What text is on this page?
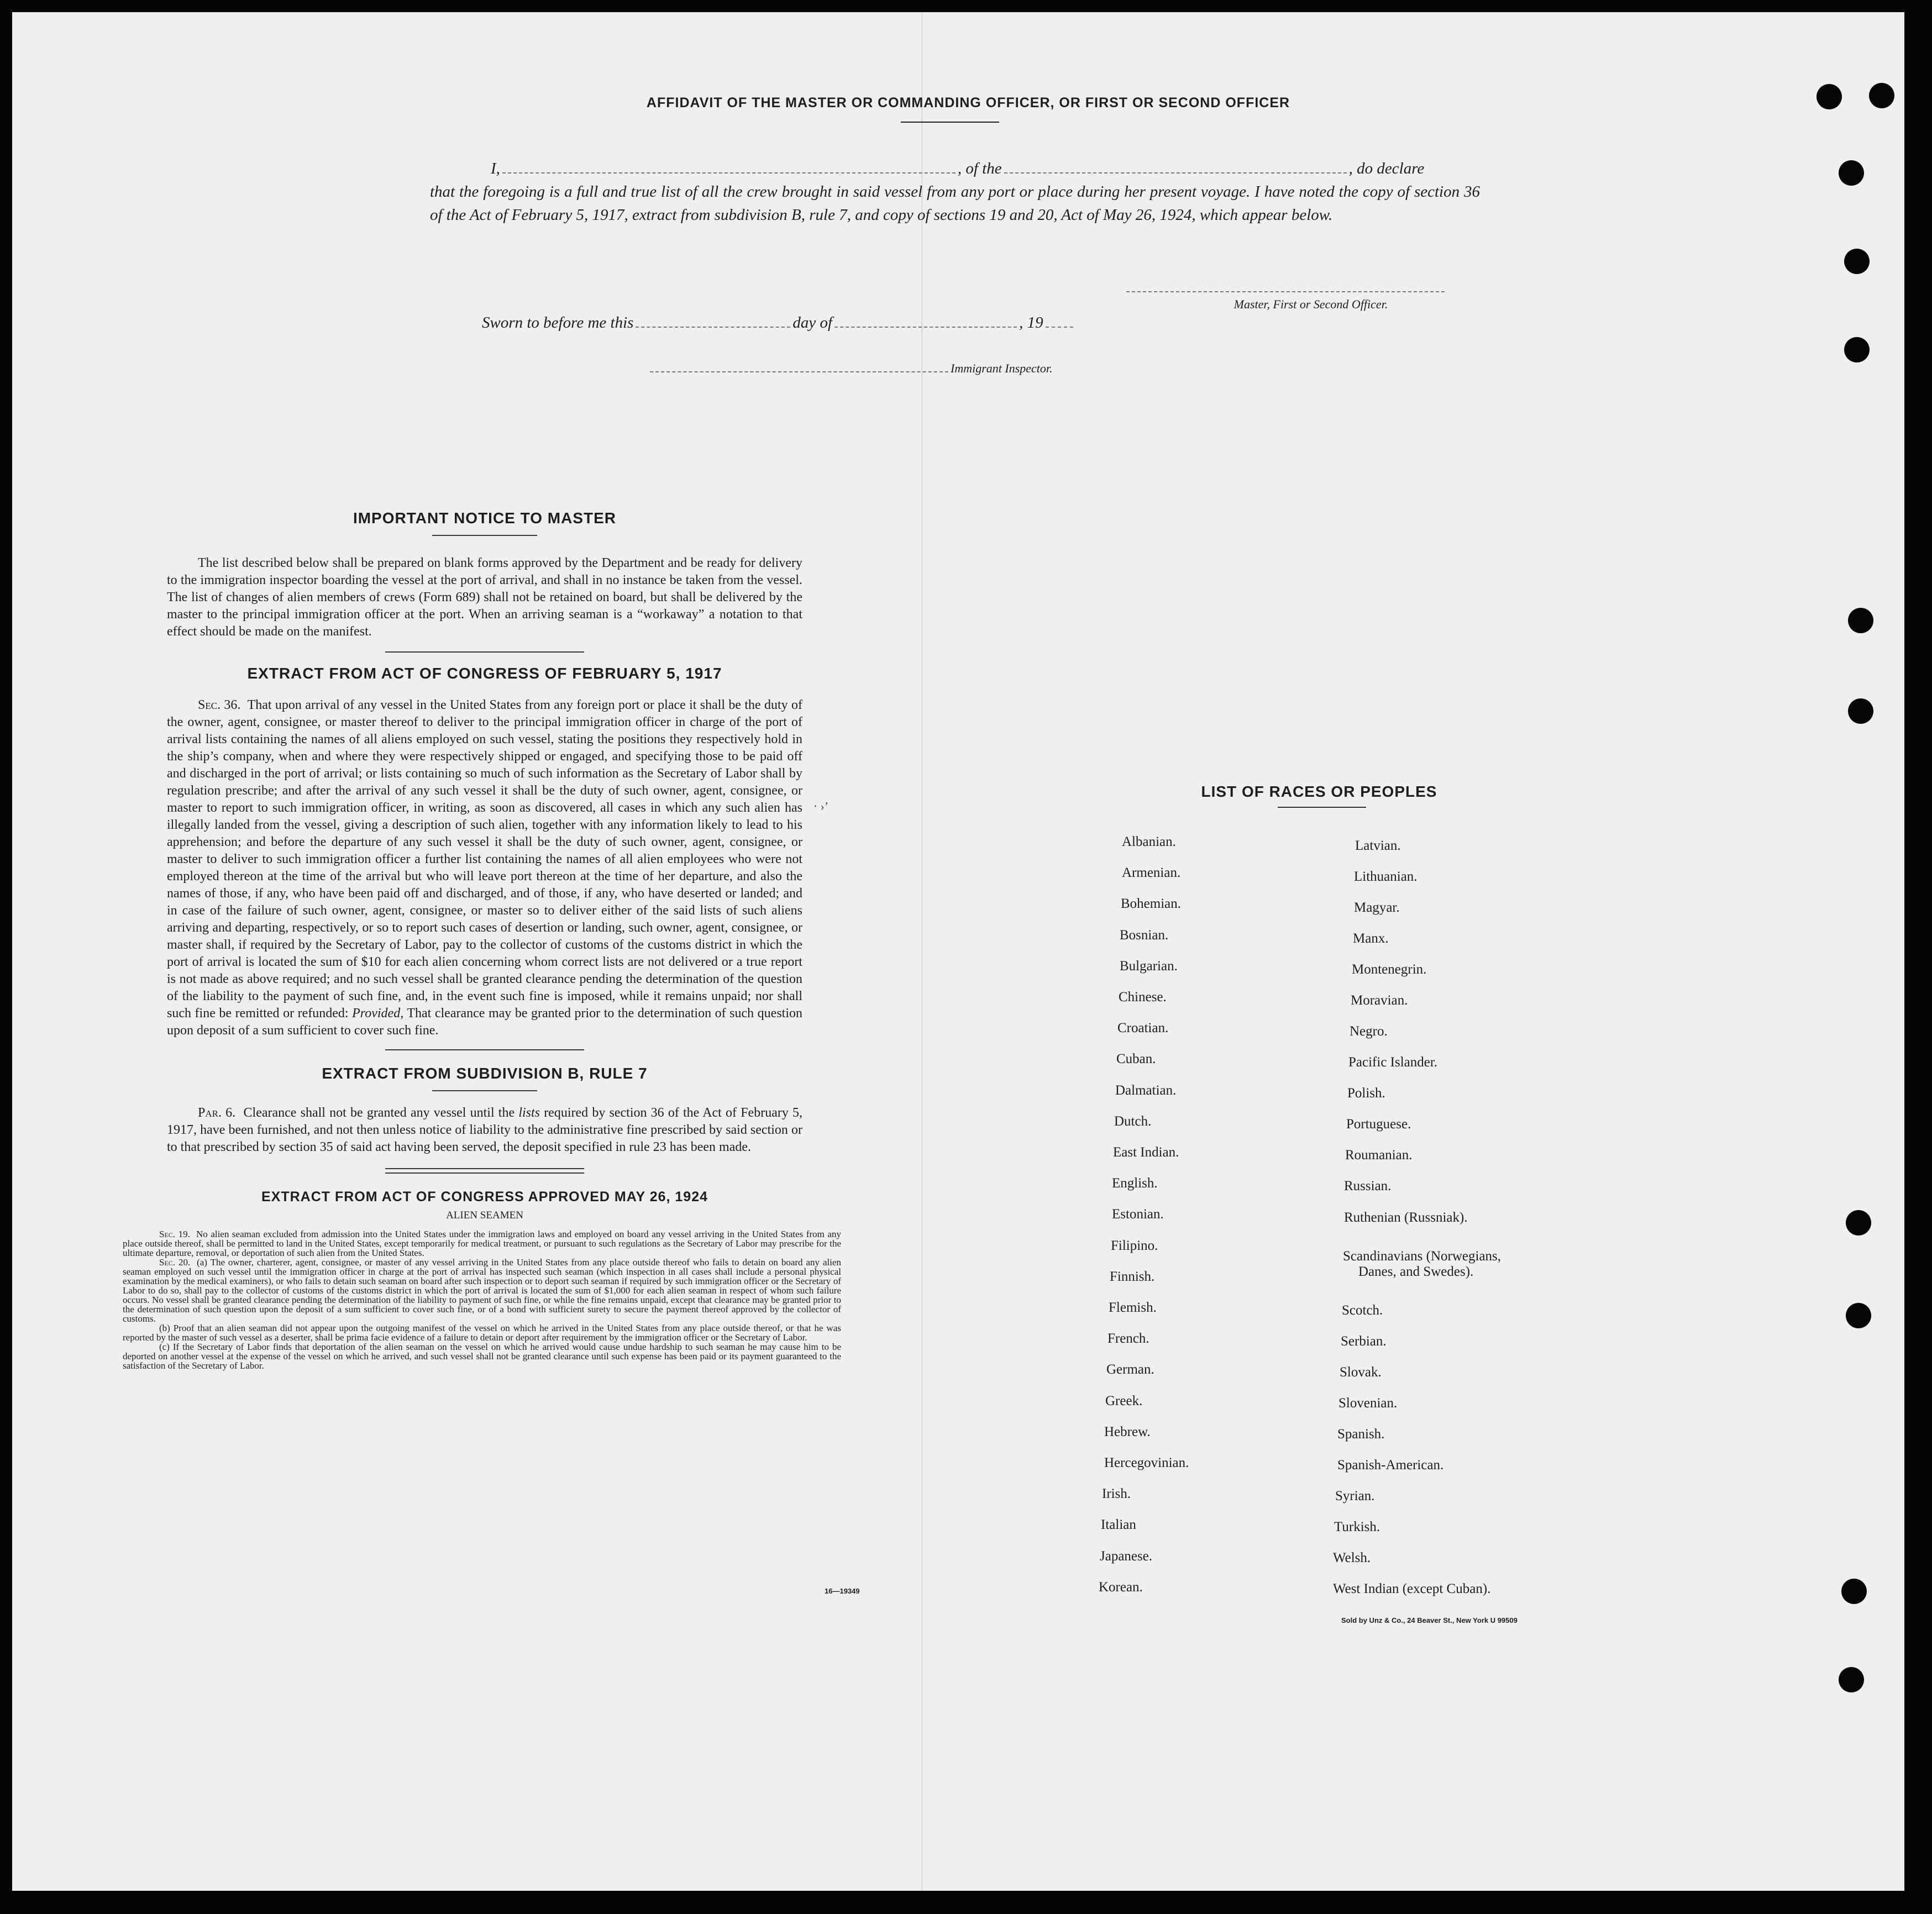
AFFIDAVIT OF THE MASTER OR COMMANDING OFFICER, OR FIRST OR SECOND OFFICER
I,	, of the	, do declare
that the foregoing is a full and true list of all the crew brought in said vessel from any port or place during her present voyage. I have noted the copy of section 36 of the Act of February 5, 1917, extract from subdivision B, rule 7, and copy of sections 19 and 20, Act of May 26, 1924, which appear below.
Master, First or Second Officer.
Sworn to before me this	day of	, 19
Immigrant Inspector.
‧ ›ʼ
IMPORTANT NOTICE TO MASTER

The list described below shall be prepared on blank forms approved by the Department and be ready for delivery to the immigration inspector boarding the vessel at the port of arrival, and shall in no instance be taken from the vessel. The list of changes of alien members of crews (Form 689) shall not be retained on board, but shall be delivered by the master to the principal immigration officer at the port. When an arriving seaman is a “workaway” a notation to that effect should be made on the manifest.

EXTRACT FROM ACT OF CONGRESS OF FEBRUARY 5, 1917

Sec. 36. That upon arrival of any vessel in the United States from any foreign port or place it shall be the duty of the owner, agent, consignee, or master thereof to deliver to the principal immigration officer in charge of the port of arrival lists containing the names of all aliens employed on such vessel, stating the positions they respectively hold in the ship’s company, when and where they were respectively shipped or engaged, and specifying those to be paid off and discharged in the port of arrival; or lists containing so much of such information as the Secretary of Labor shall by regulation prescribe; and after the arrival of any such vessel it shall be the duty of such owner, agent, consignee, or master to report to such immigration officer, in writing, as soon as discovered, all cases in which any such alien has illegally landed from the vessel, giving a description of such alien, together with any information likely to lead to his apprehension; and before the departure of any such vessel it shall be the duty of such owner, agent, consignee, or master to deliver to such immigration officer a further list containing the names of all alien employees who were not employed thereon at the time of the arrival but who will leave port thereon at the time of her departure, and also the names of those, if any, who have been paid off and discharged, and of those, if any, who have deserted or landed; and in case of the failure of such owner, agent, consignee, or master so to deliver either of the said lists of such aliens arriving and departing, respectively, or so to report such cases of desertion or landing, such owner, agent, consignee, or master shall, if required by the Secretary of Labor, pay to the collector of customs of the customs district in which the port of arrival is located the sum of $10 for each alien concerning whom correct lists are not delivered or a true report is not made as above required; and no such vessel shall be granted clearance pending the determination of the question of the liability to the payment of such fine, and, in the event such fine is imposed, while it remains unpaid; nor shall such fine be remitted or refunded: Provided, That clearance may be granted prior to the determination of such question upon deposit of a sum sufficient to cover such fine.

EXTRACT FROM SUBDIVISION B, RULE 7

Par. 6. Clearance shall not be granted any vessel until the lists required by section 36 of the Act of February 5, 1917, have been furnished, and not then unless notice of liability to the administrative fine prescribed by said section or to that prescribed by section 35 of said act having been served, the deposit specified in rule 23 has been made.

EXTRACT FROM ACT OF CONGRESS APPROVED MAY 26, 1924
ALIEN SEAMEN

Sec. 19. No alien seaman excluded from admission into the United States under the immigration laws and employed on board any vessel arriving in the United States from any place outside thereof, shall be permitted to land in the United States, except temporarily for medical treatment, or pursuant to such regulations as the Secretary of Labor may prescribe for the ultimate departure, removal, or deportation of such alien from the United States.

Sec. 20. (a) The owner, charterer, agent, consignee, or master of any vessel arriving in the United States from any place outside thereof who fails to detain on board any alien seaman employed on such vessel until the immigration officer in charge at the port of arrival has inspected such seaman (which inspection in all cases shall include a personal physical examination by the medical examiners), or who fails to detain such seaman on board after such inspection or to deport such seaman if required by such immigration officer or the Secretary of Labor to do so, shall pay to the collector of customs of the customs district in which the port of arrival is located the sum of $1,000 for each alien seaman in respect of whom such failure occurs. No vessel shall be granted clearance pending the determination of the liability to payment of such fine, or while the fine remains unpaid, except that clearance may be granted prior to the determination of such question upon the deposit of a sum sufficient to cover such fine, or of a bond with sufficient surety to secure the payment thereof approved by the collector of customs.

(b) Proof that an alien seaman did not appear upon the outgoing manifest of the vessel on which he arrived in the United States from any place outside thereof, or that he was reported by the master of such vessel as a deserter, shall be prima facie evidence of a failure to detain or deport after requirement by the immigration officer or the Secretary of Labor.

(c) If the Secretary of Labor finds that deportation of the alien seaman on the vessel on which he arrived would cause undue hardship to such seaman he may cause him to be deported on another vessel at the expense of the vessel on which he arrived, and such vessel shall not be granted clearance until such expense has been paid or its payment guaranteed to the satisfaction of the Secretary of Labor.

16—19349
LIST OF RACES OR PEOPLES
Albanian.
Armenian.
Bohemian.
Bosnian.
Bulgarian.
Chinese.
Croatian.
Cuban.
Dalmatian.
Dutch.
East Indian.
English.
Estonian.
Filipino.
Finnish.
Flemish.
French.
German.
Greek.
Hebrew.
Hercegovinian.
Irish.
Italian
Japanese.
Korean.
Latvian.
Lithuanian.
Magyar.
Manx.
Montenegrin.
Moravian.
Negro.
Pacific Islander.
Polish.
Portuguese.
Roumanian.
Russian.
Ruthenian (Russniak).
Scandinavians (Norwegians,
Danes, and Swedes).
Scotch.
Serbian.
Slovak.
Slovenian.
Spanish.
Spanish-American.
Syrian.
Turkish.
Welsh.
West Indian (except Cuban).
Sold by Unz & Co., 24 Beaver St., New York U 99509
